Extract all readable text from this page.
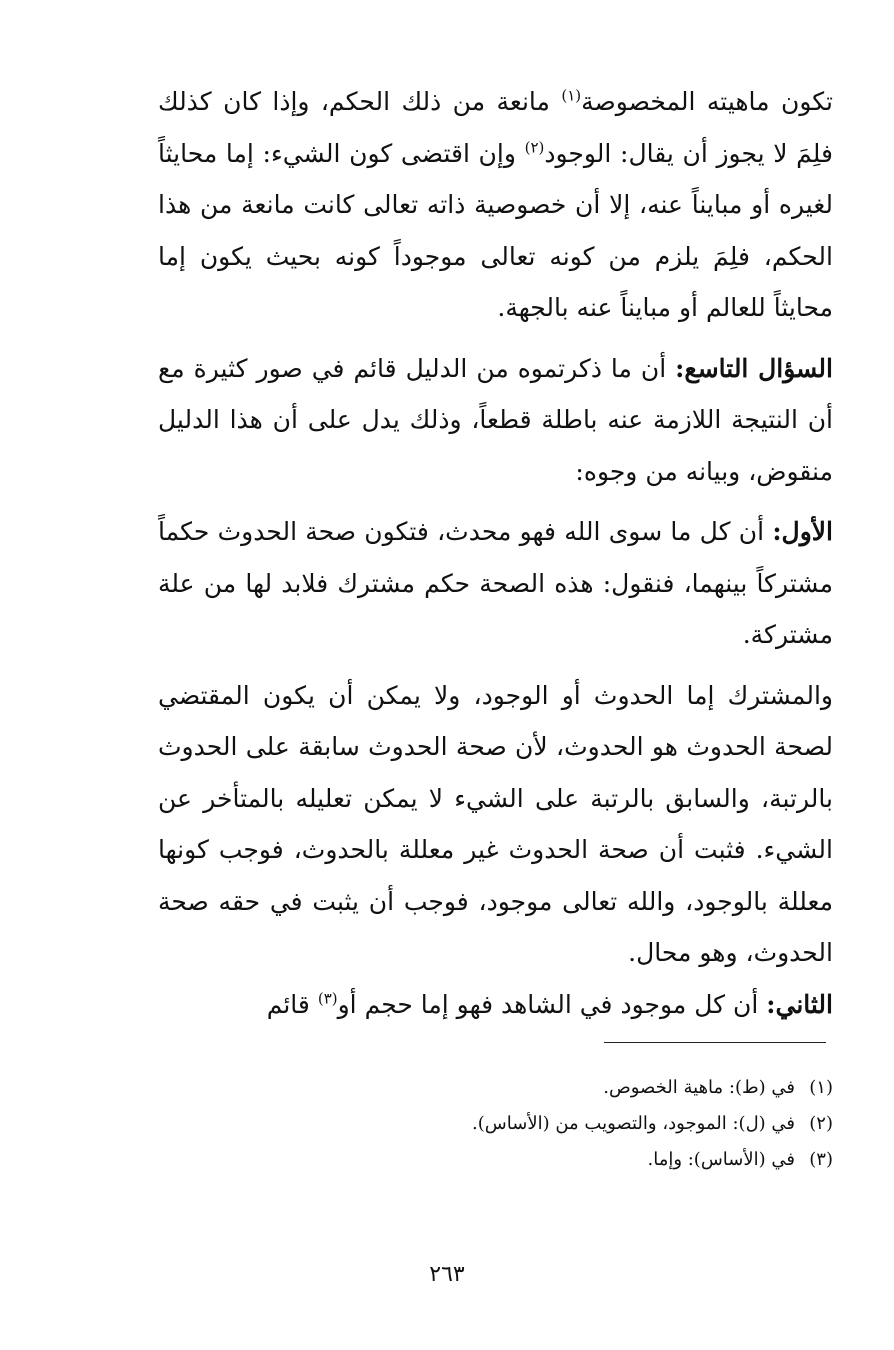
تكون ماهيته المخصوصة$^{(١)}$ مانعة من ذلك الحكم، وإذا كان كذلك فلِمَ لا يجوز أن يقال: الوجود$^{(٢)}$ وإن اقتضى كون الشيء: إما محايثاً لغيره أو مبايناً عنه، إلا أن خصوصية ذاته تعالى كانت مانعة من هذا الحكم، فلِمَ يلزم من كونه تعالى موجوداً كونه بحيث يكون إما محايثاً للعالم أو مبايناً عنه بالجهة.

السؤال التاسع: أن ما ذكرتموه من الدليل قائم في صور كثيرة مع أن النتيجة اللازمة عنه باطلة قطعاً، وذلك يدل على أن هذا الدليل منقوض، وبيانه من وجوه:

الأول: أن كل ما سوى الله فهو محدث، فتكون صحة الحدوث حكماً مشتركاً بينهما، فنقول: هذه الصحة حكم مشترك فلابد لها من علة مشتركة.

والمشترك إما الحدوث أو الوجود، ولا يمكن أن يكون المقتضي لصحة الحدوث هو الحدوث، لأن صحة الحدوث سابقة على الحدوث بالرتبة، والسابق بالرتبة على الشيء لا يمكن تعليله بالمتأخر عن الشيء. فثبت أن صحة الحدوث غير معللة بالحدوث، فوجب كونها معللة بالوجود، والله تعالى موجود، فوجب أن يثبت في حقه صحة الحدوث، وهو محال.

الثاني: أن كل موجود في الشاهد فهو إما حجم أو$^{(٣)}$ قائم

(١)في (ط): ماهية الخصوص.

(٢)في (ل): الموجود، والتصويب من (الأساس).

(٣)في (الأساس): وإما.

٢٦٣
